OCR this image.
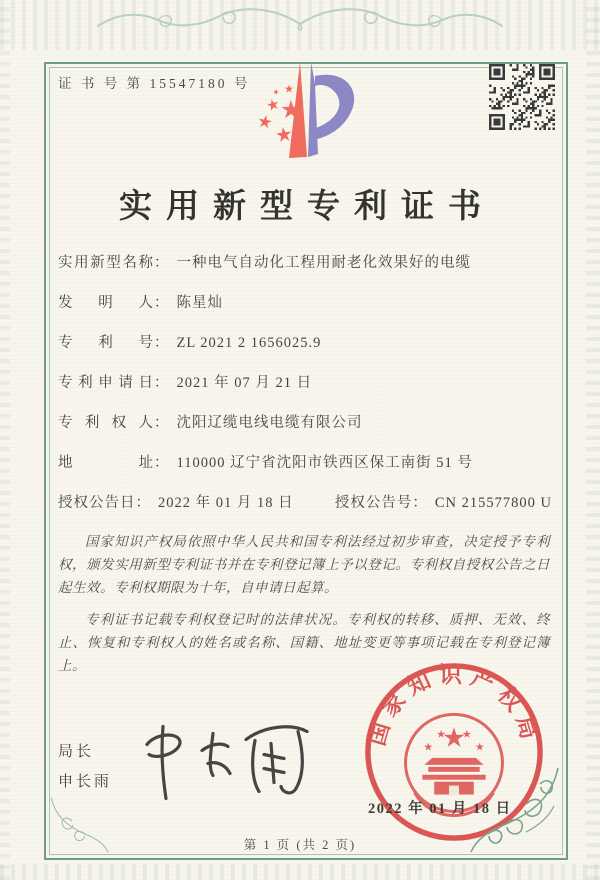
证 书 号 第 15547180 号
实用新型专利证书
实用新型名称 ： 一种电气自动化工程用耐老化效果好的电缆
发明人 ： 陈星灿
专利号 ： ZL 2021 2 1656025.9
专利申请日 ： 2021 年 07 月 21 日
专利权人 ： 沈阳辽缆电线电缆有限公司
地址 ： 110000 辽宁省沈阳市铁西区保工南街 51 号
授权公告日 ： 2022 年 01 月 18 日	授权公告号 ： CN 215577800 U

国家知识产权局依照中华人民共和国专利法经过初步审查，决定授予专利权，颁发实用新型专利证书并在专利登记簿上予以登记。专利权自授权公告之日起生效。专利权期限为十年，自申请日起算。

专利证书记载专利权登记时的法律状况。专利权的转移、质押、无效、终止、恢复和专利权人的姓名或名称、国籍、地址变更等事项记载在专利登记簿上。

局长
申长雨
国家知识产权局
2022 年 01 月 18 日
第 1 页 (共 2 页)
